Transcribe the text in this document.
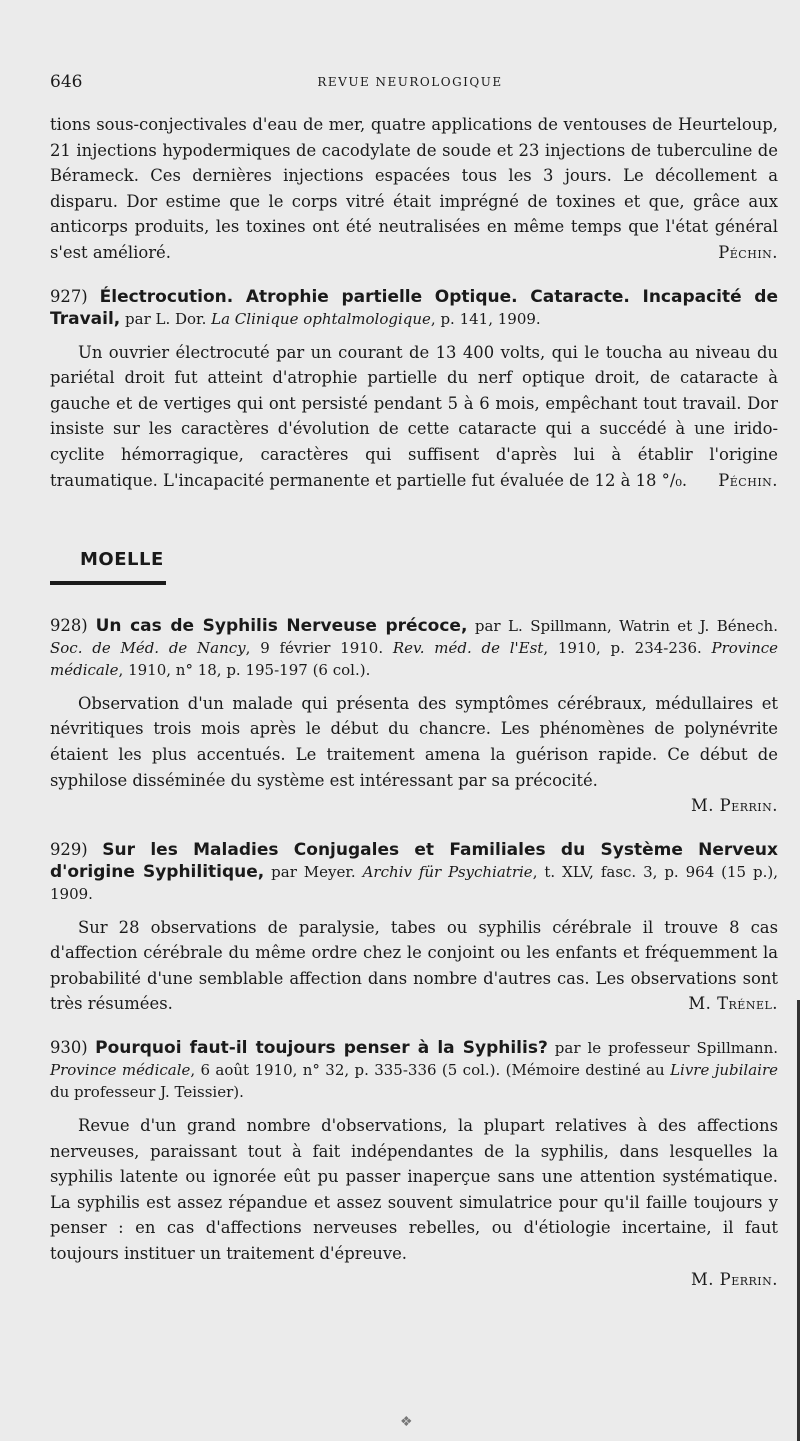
646	REVUE NEUROLOGIQUE

tions sous-conjectivales d'eau de mer, quatre applications de ventouses de Heurteloup, 21 injections hypodermiques de cacodylate de soude et 23 injections de tuberculine de Bérameck. Ces dernières injections espacées tous les 3 jours. Le décollement a disparu. Dor estime que le corps vitré était imprégné de toxines et que, grâce aux anticorps produits, les toxines ont été neutralisées en même temps que l'état général s'est amélioré.	Péchin.

927) Électrocution. Atrophie partielle Optique. Cataracte. Incapacité de Travail, par L. Dor. La Clinique ophtalmologique, p. 141, 1909.

Un ouvrier électrocuté par un courant de 13 400 volts, qui le toucha au niveau du pariétal droit fut atteint d'atrophie partielle du nerf optique droit, de cataracte à gauche et de vertiges qui ont persisté pendant 5 à 6 mois, empêchant tout travail. Dor insiste sur les caractères d'évolution de cette cataracte qui a succédé à une irido-cyclite hémorragique, caractères qui suffisent d'après lui à établir l'origine traumatique. L'incapacité permanente et partielle fut évaluée de 12 à 18 °/₀.	Péchin.

MOELLE

928) Un cas de Syphilis Nerveuse précoce, par L. Spillmann, Watrin et J. Bénech. Soc. de Méd. de Nancy, 9 février 1910. Rev. méd. de l'Est, 1910, p. 234-236. Province médicale, 1910, n° 18, p. 195-197 (6 col.).

Observation d'un malade qui présenta des symptômes cérébraux, médullaires et névritiques trois mois après le début du chancre. Les phénomènes de polynévrite étaient les plus accentués. Le traitement amena la guérison rapide. Ce début de syphilose disséminée du système est intéressant par sa précocité.

M. Perrin.

929) Sur les Maladies Conjugales et Familiales du Système Nerveux d'origine Syphilitique, par Meyer. Archiv für Psychiatrie, t. XLV, fasc. 3, p. 964 (15 p.), 1909.

Sur 28 observations de paralysie, tabes ou syphilis cérébrale il trouve 8 cas d'affection cérébrale du même ordre chez le conjoint ou les enfants et fréquemment la probabilité d'une semblable affection dans nombre d'autres cas. Les observations sont très résumées.	M. Trénel.

930) Pourquoi faut-il toujours penser à la Syphilis? par le professeur Spillmann. Province médicale, 6 août 1910, n° 32, p. 335-336 (5 col.). (Mémoire destiné au Livre jubilaire du professeur J. Teissier).

Revue d'un grand nombre d'observations, la plupart relatives à des affections nerveuses, paraissant tout à fait indépendantes de la syphilis, dans lesquelles la syphilis latente ou ignorée eût pu passer inaperçue sans une attention systématique. La syphilis est assez répandue et assez souvent simulatrice pour qu'il faille toujours y penser : en cas d'affections nerveuses rebelles, ou d'étiologie incertaine, il faut toujours instituer un traitement d'épreuve.

M. Perrin.

❖
